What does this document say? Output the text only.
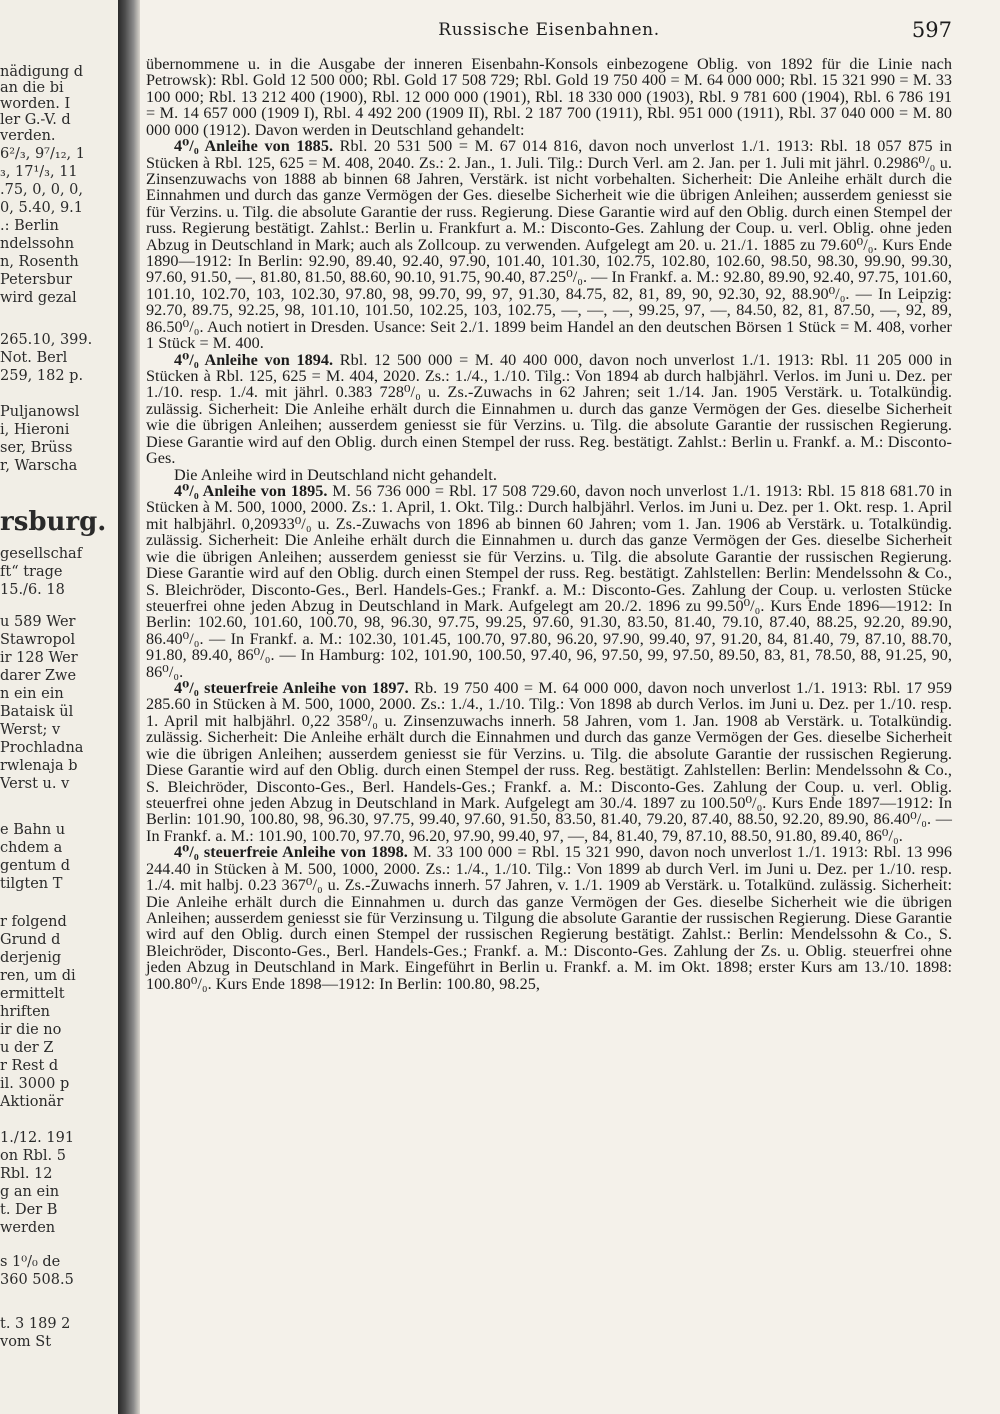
nädigung d
an die bi
worden. I
ler G.-V. d
verden.
6²/₃, 9⁷/₁₂, 1
₃, 17¹/₃, 11
.75, 0, 0, 0,
0, 5.40, 9.1
.: Berlin
ndelssohn
n, Rosenth
Petersbur
wird gezal
265.10, 399.
Not. Berl
259, 182 p.
Puljanowsl
i, Hieroni
ser, Brüss
r, Warscha
rsburg.
gesellschaf
ft“ trage
15./6. 18
u 589 Wer
Stawropol
ir 128 Wer
darer Zwe
n ein ein
Bataisk ül
Werst; v
Prochladna
rwlenaja b
Verst u. v
e Bahn u
chdem a
gentum d
tilgten T
r folgend
Grund d
derjenig
ren, um di
ermittelt
hriften
ir die no
u der Z
r Rest d
il. 3000 p
Aktionär
1./12. 191
on Rbl. 5
Rbl. 12
g an ein
t. Der B
werden
s 1⁰/₀ de
360 508.5
t. 3 189 2
vom St
Russische Eisenbahnen.	597

übernommene u. in die Ausgabe der inneren Eisenbahn-Konsols einbezogene Oblig. von 1892 für die Linie nach Petrowsk): Rbl. Gold 12 500 000; Rbl. Gold 17 508 729; Rbl. Gold 19 750 400 = M. 64 000 000; Rbl. 15 321 990 = M. 33 100 000; Rbl. 13 212 400 (1900), Rbl. 12 000 000 (1901), Rbl. 18 330 000 (1903), Rbl. 9 781 600 (1904), Rbl. 6 786 191 = M. 14 657 000 (1909 I), Rbl. 4 492 200 (1909 II), Rbl. 2 187 700 (1911), Rbl. 951 000 (1911), Rbl. 37 040 000 = M. 80 000 000 (1912). Davon werden in Deutschland gehandelt:

4⁰/₀ Anleihe von 1885. Rbl. 20 531 500 = M. 67 014 816, davon noch unverlost 1./1. 1913: Rbl. 18 057 875 in Stücken à Rbl. 125, 625 = M. 408, 2040. Zs.: 2. Jan., 1. Juli. Tilg.: Durch Verl. am 2. Jan. per 1. Juli mit jährl. 0.2986⁰/₀ u. Zinsenzuwachs von 1888 ab binnen 68 Jahren, Verstärk. ist nicht vorbehalten. Sicherheit: Die Anleihe erhält durch die Einnahmen und durch das ganze Vermögen der Ges. dieselbe Sicherheit wie die übrigen Anleihen; ausserdem geniesst sie für Verzins. u. Tilg. die absolute Garantie der russ. Regierung. Diese Garantie wird auf den Oblig. durch einen Stempel der russ. Regierung bestätigt. Zahlst.: Berlin u. Frankfurt a. M.: Disconto-Ges. Zahlung der Coup. u. verl. Oblig. ohne jeden Abzug in Deutschland in Mark; auch als Zollcoup. zu verwenden. Aufgelegt am 20. u. 21./1. 1885 zu 79.60⁰/₀. Kurs Ende 1890—1912: In Berlin: 92.90, 89.40, 92.40, 97.90, 101.40, 101.30, 102.75, 102.80, 102.60, 98.50, 98.30, 99.90, 99.30, 97.60, 91.50, —, 81.80, 81.50, 88.60, 90.10, 91.75, 90.40, 87.25⁰/₀. — In Frankf. a. M.: 92.80, 89.90, 92.40, 97.75, 101.60, 101.10, 102.70, 103, 102.30, 97.80, 98, 99.70, 99, 97, 91.30, 84.75, 82, 81, 89, 90, 92.30, 92, 88.90⁰/₀. — In Leipzig: 92.70, 89.75, 92.25, 98, 101.10, 101.50, 102.25, 103, 102.75, —, —, —, 99.25, 97, —, 84.50, 82, 81, 87.50, —, 92, 89, 86.50⁰/₀. Auch notiert in Dresden. Usance: Seit 2./1. 1899 beim Handel an den deutschen Börsen 1 Stück = M. 408, vorher 1 Stück = M. 400.

4⁰/₀ Anleihe von 1894. Rbl. 12 500 000 = M. 40 400 000, davon noch unverlost 1./1. 1913: Rbl. 11 205 000 in Stücken à Rbl. 125, 625 = M. 404, 2020. Zs.: 1./4., 1./10. Tilg.: Von 1894 ab durch halbjährl. Verlos. im Juni u. Dez. per 1./10. resp. 1./4. mit jährl. 0.383 728⁰/₀ u. Zs.-Zuwachs in 62 Jahren; seit 1./14. Jan. 1905 Verstärk. u. Totalkündig. zulässig. Sicherheit: Die Anleihe erhält durch die Einnahmen u. durch das ganze Vermögen der Ges. dieselbe Sicherheit wie die übrigen Anleihen; ausserdem geniesst sie für Verzins. u. Tilg. die absolute Garantie der russischen Regierung. Diese Garantie wird auf den Oblig. durch einen Stempel der russ. Reg. bestätigt. Zahlst.: Berlin u. Frankf. a. M.: Disconto-Ges.

Die Anleihe wird in Deutschland nicht gehandelt.

4⁰/₀ Anleihe von 1895. M. 56 736 000 = Rbl. 17 508 729.60, davon noch unverlost 1./1. 1913: Rbl. 15 818 681.70 in Stücken à M. 500, 1000, 2000. Zs.: 1. April, 1. Okt. Tilg.: Durch halbjährl. Verlos. im Juni u. Dez. per 1. Okt. resp. 1. April mit halbjährl. 0,20933⁰/₀ u. Zs.-Zuwachs von 1896 ab binnen 60 Jahren; vom 1. Jan. 1906 ab Verstärk. u. Totalkündig. zulässig. Sicherheit: Die Anleihe erhält durch die Einnahmen u. durch das ganze Vermögen der Ges. dieselbe Sicherheit wie die übrigen Anleihen; ausserdem geniesst sie für Verzins. u. Tilg. die absolute Garantie der russischen Regierung. Diese Garantie wird auf den Oblig. durch einen Stempel der russ. Reg. bestätigt. Zahlstellen: Berlin: Mendelssohn & Co., S. Bleichröder, Disconto-Ges., Berl. Handels-Ges.; Frankf. a. M.: Disconto-Ges. Zahlung der Coup. u. verlosten Stücke steuerfrei ohne jeden Abzug in Deutschland in Mark. Aufgelegt am 20./2. 1896 zu 99.50⁰/₀. Kurs Ende 1896—1912: In Berlin: 102.60, 101.60, 100.70, 98, 96.30, 97.75, 99.25, 97.60, 91.30, 83.50, 81.40, 79.10, 87.40, 88.25, 92.20, 89.90, 86.40⁰/₀. — In Frankf. a. M.: 102.30, 101.45, 100.70, 97.80, 96.20, 97.90, 99.40, 97, 91.20, 84, 81.40, 79, 87.10, 88.70, 91.80, 89.40, 86⁰/₀. — In Hamburg: 102, 101.90, 100.50, 97.40, 96, 97.50, 99, 97.50, 89.50, 83, 81, 78.50, 88, 91.25, 90, 86⁰/₀.

4⁰/₀ steuerfreie Anleihe von 1897. Rb. 19 750 400 = M. 64 000 000, davon noch unverlost 1./1. 1913: Rbl. 17 959 285.60 in Stücken à M. 500, 1000, 2000. Zs.: 1./4., 1./10. Tilg.: Von 1898 ab durch Verlos. im Juni u. Dez. per 1./10. resp. 1. April mit halbjährl. 0,22 358⁰/₀ u. Zinsenzuwachs innerh. 58 Jahren, vom 1. Jan. 1908 ab Verstärk. u. Totalkündig. zulässig. Sicherheit: Die Anleihe erhält durch die Einnahmen und durch das ganze Vermögen der Ges. dieselbe Sicherheit wie die übrigen Anleihen; ausserdem geniesst sie für Verzins. u. Tilg. die absolute Garantie der russischen Regierung. Diese Garantie wird auf den Oblig. durch einen Stempel der russ. Reg. bestätigt. Zahlstellen: Berlin: Mendelssohn & Co., S. Bleichröder, Disconto-Ges., Berl. Handels-Ges.; Frankf. a. M.: Disconto-Ges. Zahlung der Coup. u. verl. Oblig. steuerfrei ohne jeden Abzug in Deutschland in Mark. Aufgelegt am 30./4. 1897 zu 100.50⁰/₀. Kurs Ende 1897—1912: In Berlin: 101.90, 100.80, 98, 96.30, 97.75, 99.40, 97.60, 91.50, 83.50, 81.40, 79.20, 87.40, 88.50, 92.20, 89.90, 86.40⁰/₀. — In Frankf. a. M.: 101.90, 100.70, 97.70, 96.20, 97.90, 99.40, 97, —, 84, 81.40, 79, 87.10, 88.50, 91.80, 89.40, 86⁰/₀.

4⁰/₀ steuerfreie Anleihe von 1898. M. 33 100 000 = Rbl. 15 321 990, davon noch unverlost 1./1. 1913: Rbl. 13 996 244.40 in Stücken à M. 500, 1000, 2000. Zs.: 1./4., 1./10. Tilg.: Von 1899 ab durch Verl. im Juni u. Dez. per 1./10. resp. 1./4. mit halbj. 0.23 367⁰/₀ u. Zs.-Zuwachs innerh. 57 Jahren, v. 1./1. 1909 ab Verstärk. u. Totalkünd. zulässig. Sicherheit: Die Anleihe erhält durch die Einnahmen u. durch das ganze Vermögen der Ges. dieselbe Sicherheit wie die übrigen Anleihen; ausserdem geniesst sie für Verzinsung u. Tilgung die absolute Garantie der russischen Regierung. Diese Garantie wird auf den Oblig. durch einen Stempel der russischen Regierung bestätigt. Zahlst.: Berlin: Mendelssohn & Co., S. Bleichröder, Disconto-Ges., Berl. Handels-Ges.; Frankf. a. M.: Disconto-Ges. Zahlung der Zs. u. Oblig. steuerfrei ohne jeden Abzug in Deutschland in Mark. Eingeführt in Berlin u. Frankf. a. M. im Okt. 1898; erster Kurs am 13./10. 1898: 100.80⁰/₀. Kurs Ende 1898—1912: In Berlin: 100.80, 98.25,
